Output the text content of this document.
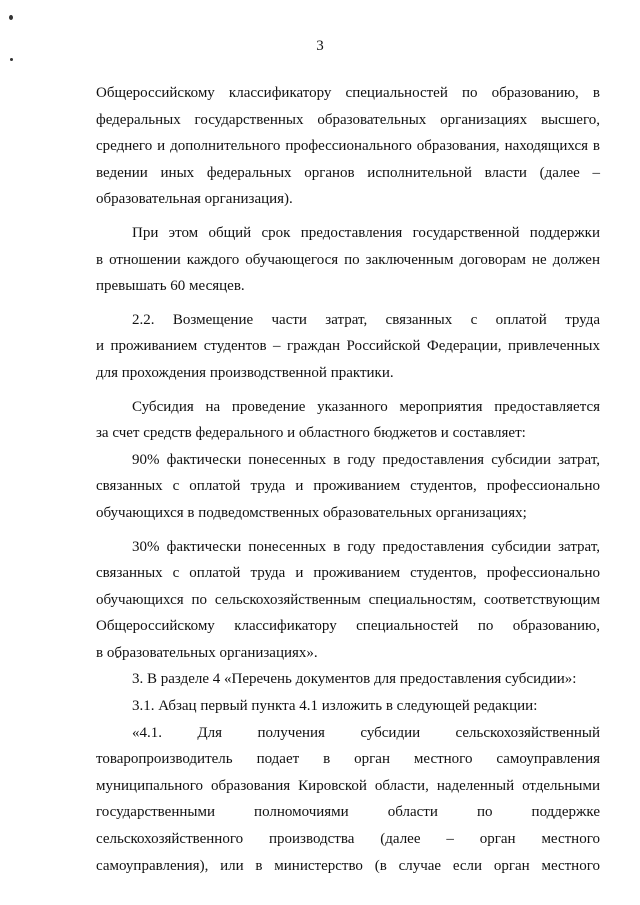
3
Общероссийскому классификатору специальностей по образованию, в
федеральных государственных образовательных организациях высшего,
среднего и дополнительного профессионального образования, находящихся в
ведении иных федеральных органов исполнительной власти (далее –
образовательная организация).
При этом общий срок предоставления государственной поддержки
в отношении каждого обучающегося по заключенным договорам не должен
превышать 60 месяцев.
2.2. Возмещение части затрат, связанных с оплатой труда
и проживанием студентов – граждан Российской Федерации, привлеченных
для прохождения производственной практики.
Субсидия на проведение указанного мероприятия предоставляется
за счет средств федерального и областного бюджетов и составляет:
90% фактически понесенных в году предоставления субсидии затрат,
связанных с оплатой труда и проживанием студентов, профессионально
обучающихся в подведомственных образовательных организациях;
30% фактически понесенных в году предоставления субсидии затрат,
связанных с оплатой труда и проживанием студентов, профессионально
обучающихся по сельскохозяйственным специальностям, соответствующим
Общероссийскому классификатору специальностей по образованию,
в образовательных организациях».
3. В разделе 4 «Перечень документов для предоставления субсидии»:
3.1. Абзац первый пункта 4.1 изложить в следующей редакции:
«4.1. Для получения субсидии сельскохозяйственный
товаропроизводитель подает в орган местного самоуправления
муниципального образования Кировской области, наделенный отдельными
государственными полномочиями области по поддержке
сельскохозяйственного производства (далее – орган местного
самоуправления), или в министерство (в случае если орган местного
